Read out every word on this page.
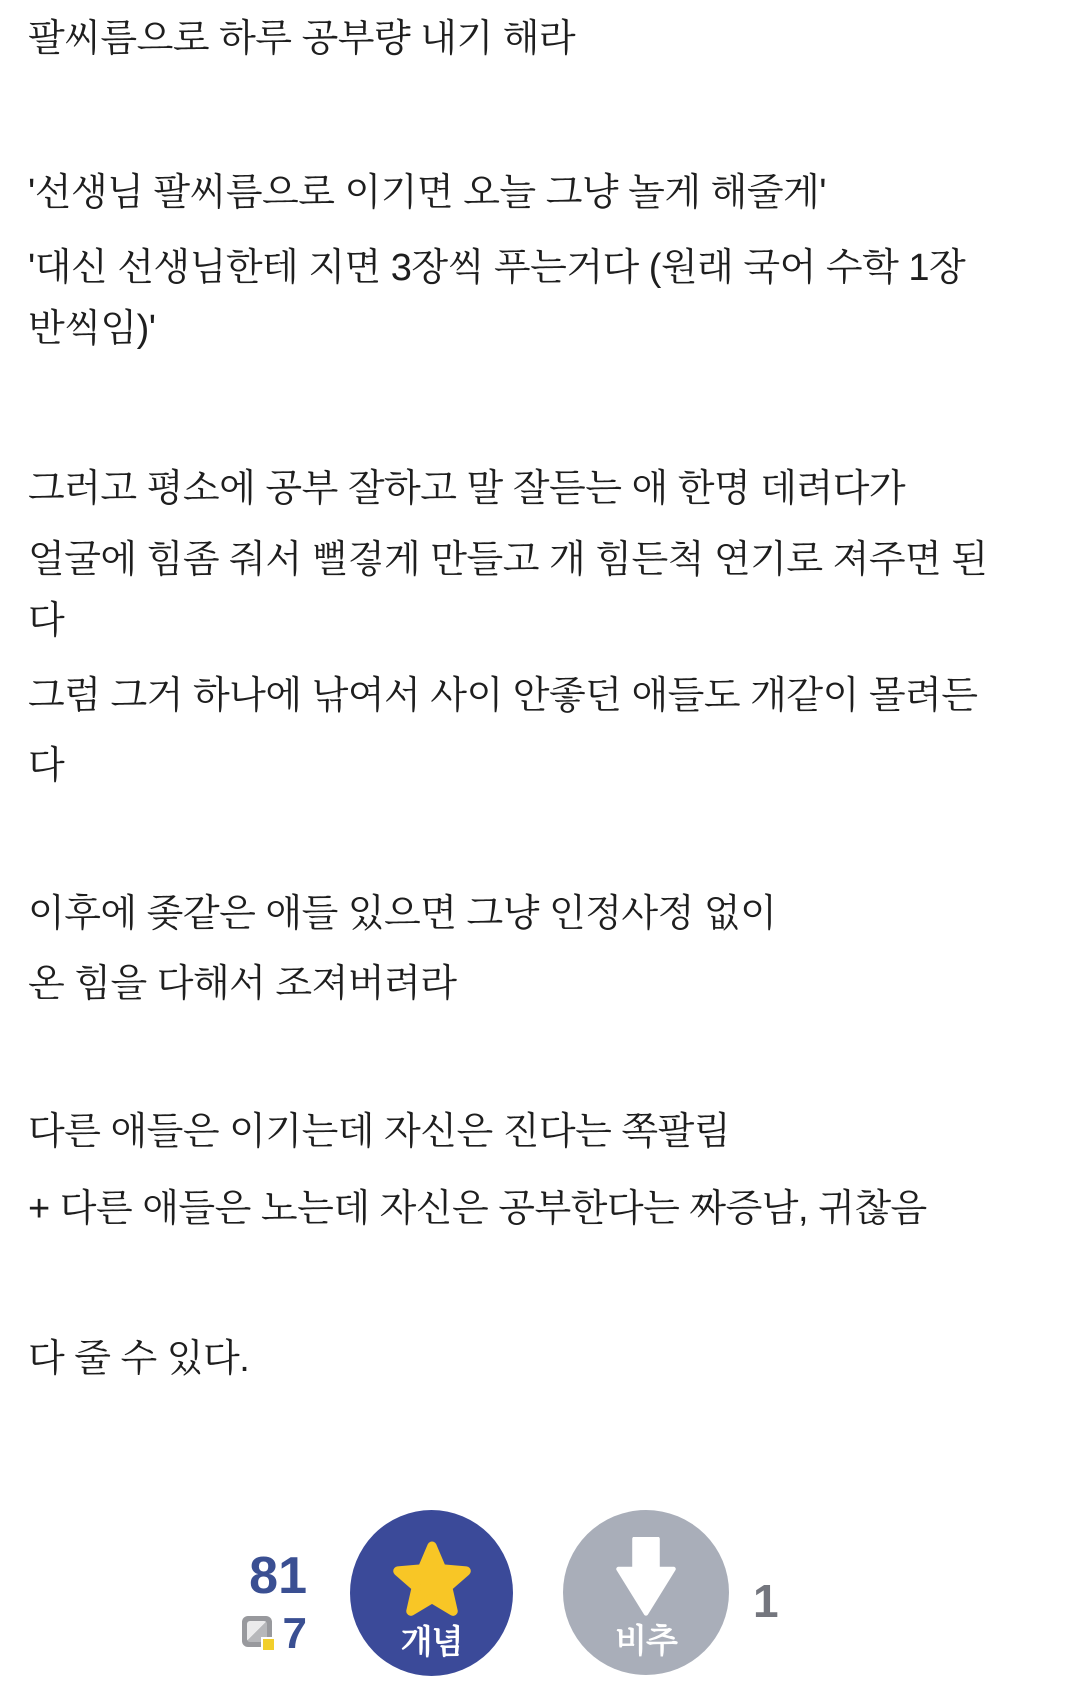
팔씨름으로 하루 공부량 내기 해라
'선생님 팔씨름으로 이기면 오늘 그냥 놀게 해줄게'
'대신 선생님한테 지면 3장씩 푸는거다 (원래 국어 수학 1장
반씩임)'
그러고 평소에 공부 잘하고 말 잘듣는 애 한명 데려다가
얼굴에 힘좀 줘서 뻘겋게 만들고 개 힘든척 연기로 져주면 된
다
그럼 그거 하나에 낚여서 사이 안좋던 애들도 개같이 몰려든
다
이후에 좆같은 애들 있으면 그냥 인정사정 없이
온 힘을 다해서 조져버려라
다른 애들은 이기는데 자신은 진다는 쪽팔림
+ 다른 애들은 노는데 자신은 공부한다는 짜증남, 귀찮음
다 줄 수 있다.
81
7	개념	비추
1
